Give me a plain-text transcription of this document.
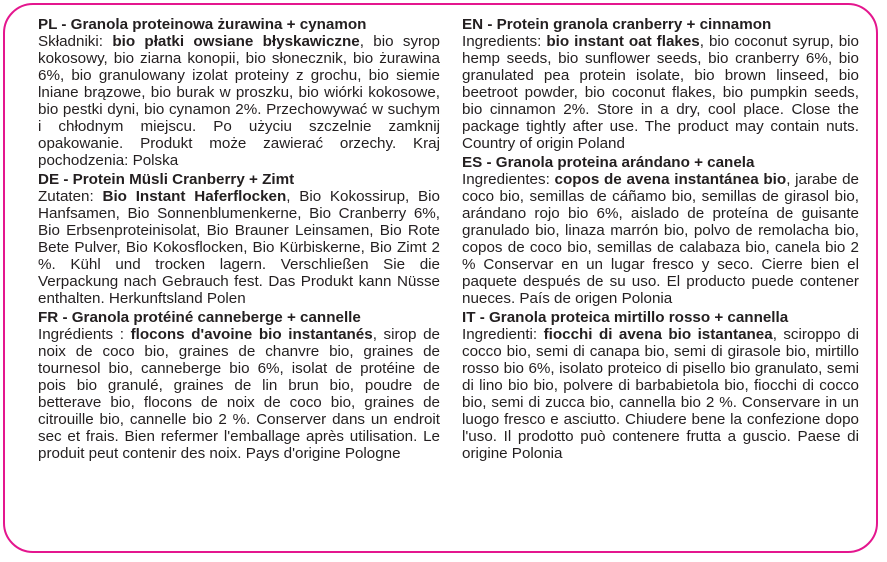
PL - Granola proteinowa żurawina + cynamon
Składniki: bio płatki owsiane błyskawiczne, bio syrop kokosowy, bio ziarna konopii, bio słonecznik, bio żurawina 6%, bio granulowany izolat proteiny z grochu, bio siemie lniane brązowe, bio burak w proszku, bio wiórki kokosowe, bio pestki dyni, bio cynamon 2%. Przechowywać w suchym i chłodnym miejscu. Po użyciu szczelnie zamknij opakowanie. Produkt może zawierać orzechy. Kraj pochodzenia: Polska
DE - Protein Müsli Cranberry + Zimt
Zutaten: Bio Instant Haferflocken, Bio Kokossirup, Bio Hanfsamen, Bio Sonnenblumenkerne, Bio Cranberry 6%, Bio Erbsenproteinisolat, Bio Brauner Leinsamen, Bio Rote Bete Pulver, Bio Kokosflocken, Bio Kürbiskerne, Bio Zimt 2 %. Kühl und trocken lagern. Verschließen Sie die Verpackung nach Gebrauch fest. Das Produkt kann Nüsse enthalten. Herkunftsland Polen
FR - Granola protéiné canneberge + cannelle
Ingrédients : flocons d'avoine bio instantanés, sirop de noix de coco bio, graines de chanvre bio, graines de tournesol bio, canneberge bio 6%, isolat de protéine de pois bio granulé, graines de lin brun bio, poudre de betterave bio, flocons de noix de coco bio, graines de citrouille bio, cannelle bio 2 %. Conserver dans un endroit sec et frais. Bien refermer l'emballage après utilisation. Le produit peut contenir des noix. Pays d'origine Pologne
EN - Protein granola cranberry + cinnamon
Ingredients: bio instant oat flakes, bio coconut syrup, bio hemp seeds, bio sunflower seeds, bio cranberry 6%, bio granulated pea protein isolate, bio brown linseed, bio beetroot powder, bio coconut flakes, bio pumpkin seeds, bio cinnamon 2%. Store in a dry, cool place. Close the package tightly after use. The product may contain nuts. Country of origin Poland
ES - Granola proteina arándano + canela
Ingredientes: copos de avena instantánea bio, jarabe de coco bio, semillas de cáñamo bio, semillas de girasol bio, arándano rojo bio 6%, aislado de proteína de guisante granulado bio, linaza marrón bio, polvo de remolacha bio, copos de coco bio, semillas de calabaza bio, canela bio 2 % Conservar en un lugar fresco y seco. Cierre bien el paquete después de su uso. El producto puede contener nueces. País de origen Polonia
IT - Granola proteica mirtillo rosso + cannella
Ingredienti: fiocchi di avena bio istantanea, sciroppo di cocco bio, semi di canapa bio, semi di girasole bio, mirtillo rosso bio 6%, isolato proteico di pisello bio granulato, semi di lino bio bio, polvere di barbabietola bio, fiocchi di cocco bio, semi di zucca bio, cannella bio 2 %. Conservare in un luogo fresco e asciutto. Chiudere bene la confezione dopo l'uso. Il prodotto può contenere frutta a guscio. Paese di origine Polonia
